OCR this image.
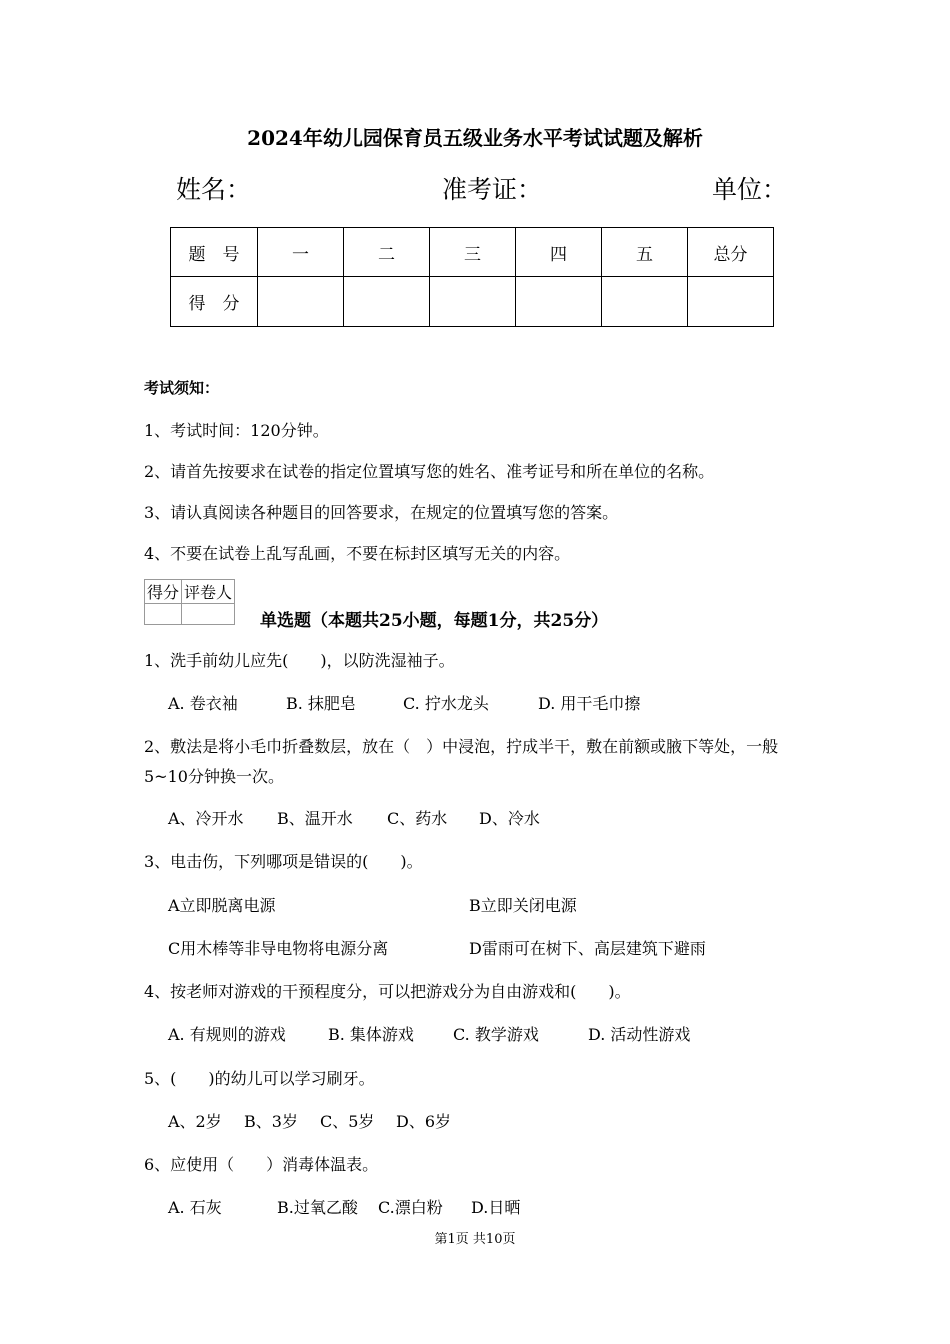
2024年幼儿园保育员五级业务水平考试试题及解析
姓名：	准考证：	单位：
题　号	一	二	三	四	五	总分
得　分						
考试须知：
1、考试时间：120分钟。
2、请首先按要求在试卷的指定位置填写您的姓名、准考证号和所在单位的名称。
3、请认真阅读各种题目的回答要求，在规定的位置填写您的答案。
4、不要在试卷上乱写乱画，不要在标封区填写无关的内容。
得分	评卷人

单选题（本题共25小题，每题1分，共25分）
1、洗手前幼儿应先(　　)，以防洗湿袖子。
A. 卷衣袖	B. 抹肥皂	C. 拧水龙头	D. 用干毛巾擦
2、敷法是将小毛巾折叠数层，放在（　）中浸泡，拧成半干，敷在前额或腋下等处，一般
5~10分钟换一次。
A、冷开水 B、温开水 C、药水 D、冷水
3、电击伤，下列哪项是错误的(　　)。
A立即脱离电源	B立即关闭电源
C用木棒等非导电物将电源分离	D雷雨可在树下、高层建筑下避雨
4、按老师对游戏的干预程度分，可以把游戏分为自由游戏和(　　)。
A. 有规则的游戏	B. 集体游戏 C. 教学游戏	D. 活动性游戏
5、(　　)的幼儿可以学习刷牙。
A、2岁 B、3岁 C、5岁 D、6岁
6、应使用（　　）消毒体温表。
A. 石灰	B.过氧乙酸 C.漂白粉 D.日晒
第1页 共10页
